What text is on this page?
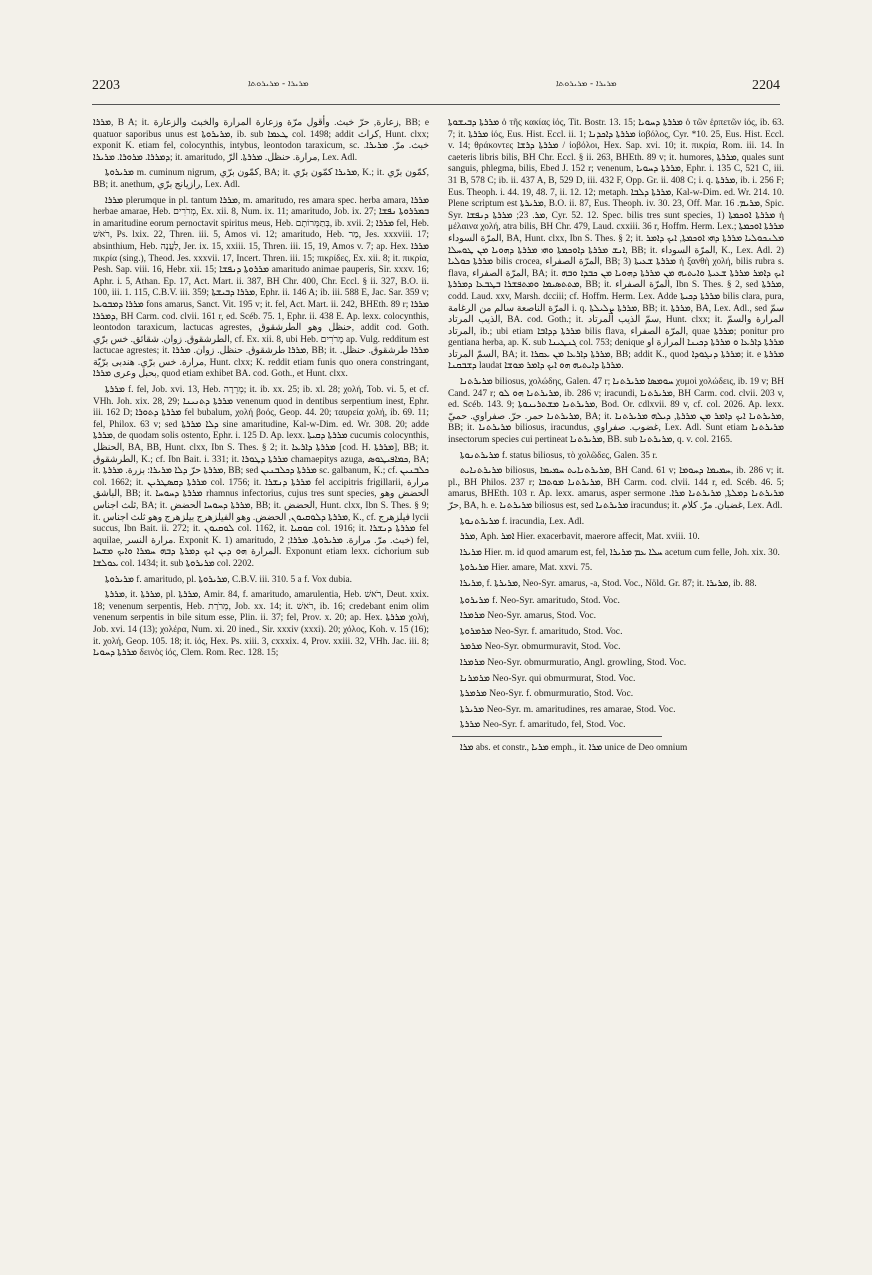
2203	ܡܪܝܪܐ - ܡܪܝܪܘܬܐ	ܡܪܝܪܐ - ܡܪܝܪܘܬܐ	2204

ܡܪܪܐ, B A; it. زعارة, حرّ خبث. وأقول مرّة وزعارة المرارة والخبث والزعارة, BB; e quatuor saporibus unus est ܡܪܝܪܘܬܐ, ib. sub ܛܥܡܐ col. 1498; addit كراث, Hunt. clxx; exponit K. etiam fel, colocynthis, intybus, leontodon taraxicum, sc. خبث. مرّ. ܡܪܝܪܐ. ܕܡܪܪܐ. ܡܪܘܪܐ. ܡܪܝܪܐ; it. amaritudo, مرارة. حنظل. ܡܪܪܬܐ. الرّ, Lex. Adl.

ܡܪܝܪܘܬܐ m. cuminum nigrum, كمّون برّي, BA; it. ܡܪܝܪܐ كمّون برّي, K.; it. كمّون برّي, BB; it. anethum, رازيانج برّي, Lex. Adl.

ܡܪܪܐ plerumque in pl. tantum ܡܪܪܐ, m. amaritudo, res amara spec. herba amara, ܡܪܪܐ herbae amarae, Heb. מְרֹרִים, Ex. xii. 8, Num. ix. 11; amaritudo, Job. ix. 27; ܒܡܪܪܘܬܐ ܢܦܫܐ in amaritudine eorum pernoctavit spiritus meus, Heb. בְּתַמְּרוֹתָם, ib. xvii. 2; ܡܪܪܐ fel, Heb. רֹאשׁ, Ps. lxix. 22, Thren. iii. 5, Amos vi. 12; amaritudo, Heb. מַר, Jes. xxxviii. 17; absinthium, Heb. לַעֲנָה, Jer. ix. 15, xxiii. 15, Thren. iii. 15, 19, Amos v. 7; ap. Hex. ܡܪܪܐ πικρία (sing.), Theod. Jes. xxxvii. 17, Incert. Thren. iii. 15; πικρίδες, Ex. xii. 8; it. πικρία, Pesh. Sap. viii. 16, Hebr. xii. 15; ܡܪܪܘܬܐ ܕܢܦܫܐ amaritudo animae pauperis, Sir. xxxv. 16; Aphr. i. 5, Athan. Ep. 17, Act. Mart. ii. 387, BH Chr. 400, Chr. Eccl. § ii. 327, B.O. ii. 100, iii. 1. 115, C.B.V. iii. 359; ܡܪܪܐ ܕܒܝܫܬܐ, Ephr. ii. 146 A; ib. iii. 588 E, Jac. Sar. 359 v; ܡܪܪܐ ܕܡܒܘܥܐ fons amarus, Sanct. Vit. 195 v; it. fel, Act. Mart. ii. 242, BHEth. 89 r; ܡܪܪܐ ܕܡܪܪܐ, BH Carm. cod. clvii. 161 r, ed. Scéb. 75. 1, Ephr. ii. 438 E. Ap. lexx. colocynthis, leontodon taraxicum, lactucas agrestes, حنظل وهو الطرشقوق, addit cod. Goth. الطرشقوق. زوان. شقائق. خس برّي, cf. Ex. xii. 8, ubi Heb. מְרֹרִים ap. Vulg. redditum est lactucae agrestes; it. ܡܪܪܐ طرشقوق. حنظل. زوان. ܡܪܪܐ, BB; it. ܡܪܪܐ طرشقوق. حنظل. مرارة. خس برّي. هندبى برّيّة, Hunt. clxx; K. reddit etiam funis quo onera constringant, بحبل وعرى ܡܪܪܐ, quod etiam exhibet BA. cod. Goth., et Hunt. clxx.

ܡܪܪܬܐ f. fel, Job. xvi. 13, Heb. מְרֵרָה; it. ib. xx. 25; ib. xl. 28; χολή, Tob. vi. 5, et cf. VHh. Joh. xix. 28, 29; ܡܪܪܬܐ ܕܬܢܝܢܐ venenum quod in dentibus serpentium inest, Ephr. iii. 162 D; ܡܪܪܬܐ ܕܬܘܪܐ fel bubalum, χολή βοός, Geop. 44. 20; ταυρεία χολή, ib. 69. 11; fel, Philox. 63 v; sed ܕܠܐ ܡܪܪܬܐ sine amaritudine, Kal-w-Dim. ed. Wr. 308. 20; adde ܡܪܪܬܐ, de quodam solis ostento, Ephr. i. 125 D. Ap. lexx. ܡܪܪܬܐ ܕܩܝܬܐ cucumis colocynthis, الحنظل, BA, BB, Hunt. clxx, Ibn S. Thes. § 2; it. ܡܪܪܬܐ ܕܐܪܥܐ [cod. H. ܡܪܪܬܐ], BB; it. الطرشقوق, K.; cf. Ibn Bait. i. 331; it. ܡܪܪܬܐ ܕܛܘܪܐ chamaepitys azuga, ܟܡܐܦܝܛܘܣ, BA; it. ܡܪܪܬܐ حرّ ܕܠܐ ܡܪܝܪܐ: بزرة. ܡܪܪܬܐ, BB; sed ܡܪܪܬܐ ܕܟܠܒܢܝܢ sc. galbanum, K.; cf. ܟܠܒܢܝܢ col. 1662; it. ܡܪܪܬܐ ܕܩܣܛܪܝܢ col. 1756; it. ܡܪܪܬܐ ܕܢܫܪܐ fel accipitris frigillarii, مرارة الباشق, BB; it. ܡܪܪܬܐ ܕܚܘܚܐ rhamnus infectorius, cujus tres sunt species, الحضض وهو ثلث اجناس, BA; it. ܡܪܪܬܐ ܕܚܘܚܐ الحضض, BB; it. الحضض, Hunt. clxx, Ibn S. Thes. § 9; it. ܡܪܪܬܐ ܕܠܘܩܝܘܢ, الحضض. وهو الفيلزهرج بيلزهرج وهو ثلث اجناس, K., cf. فيلزهرج lycii succus, Ibn Bait. ii. 272; it. ܠܘܩܝܘܢ col. 1162, it. ܩܘܩܝܐ col. 1916; it. ܡܪܪܬܐ ܕܢܫܪܐ fel aquilae, مرارة النسر. Exponit K. 1) amaritudo, خبث. مرّ. مرارة. ܡܪܝܪܘܬܐ. ܡܪܪܐ; 2) fel, المرارة ܗܘ ܕܝܢ ܐܝܟ ܕܡܪܬܐ ܕܒܗ ܚܡܪܐ ܘܐܝܟ ܡܫܚܐ. Exponunt etiam lexx. cichorium sub ܥܘܠܫܐ col. 1434; it. sub ܡܪܝܪܘܬܐ col. 2202.

ܡܪܝܪܘܬܐ f. amaritudo, pl. ܡܪܝܪܘܬܐ, C.B.V. iii. 310. 5 a f. Vox dubia.

ܡܪܪܬܐ, it. ܡܪܪܬܐ, pl. ܡܪܪܬܐ, Amir. 84, f. amaritudo, amarulentia, Heb. רֹאשׁ, Deut. xxix. 18; venenum serpentis, Heb. מְרֹרַת, Job. xx. 14; it. רֹאשׁ, ib. 16; credebant enim olim venenum serpentis in bile situm esse, Plin. ii. 37; fel, Prov. x. 20; ap. Hex. ܡܪܪܬܐ χολή, Job. xvi. 14 (13); χολέρα, Num. xi. 20 ined., Sir. xxxiv (xxxi). 20; χόλος, Koh. v. 15 (16); it. χολή, Geop. 105. 18; it. ἰός, Hex. Ps. xiii. 3, cxxxix. 4, Prov. xxiii. 32, VHh. Jac. iii. 8; ܡܪܪܬܐ ܕܚܘܝܐ δεινὸς ἰός, Clem. Rom. Rec. 128. 15;

ܡܪܪܬܐ ܕܒܝܫܘܬܐ ὁ τῆς κακίας ἰός, Tit. Bostr. 13. 15; ܡܪܪܬܐ ܕܚܘܝܐ ὁ τῶν ἑρπετῶν ἰός, ib. 63. 7; it. ܡܪܪܬܐ ἰός, Eus. Hist. Eccl. ii. 1; ܡܪܪܬܐ ܕܐܟܕܢܐ ἰοβόλος, Cyr. *10. 25, Eus. Hist. Eccl. v. 14; θράκοντες ܡܪܪܬܐ ܕܪܫܐ / ἰοβόλοι, Hex. Sap. xvi. 10; it. πικρία, Rom. iii. 14. In caeteris libris bilis, BH Chr. Eccl. § ii. 263, BHEth. 89 v; it. humores, ܡܪܪܬܐ, quales sunt sanguis, phlegma, bilis, Ebed J. 152 r; venenum, ܡܪܪܬܐ ܕܚܘܝܐ, Ephr. i. 135 C, 521 C, iii. 31 B, 578 C; ib. ii. 437 A, B, 529 D, iii. 432 F, Opp. Gr. ii. 408 C; i. q. ܡܪܪܬܐ, ib. i. 256 F; Eus. Theoph. i. 44. 19, 48. 7, ii. 12. 12; metaph. ܡܪܪܬܐ ܕܠܒܐ, Kal-w-Dim. ed. Wr. 214. 10. Plene scriptum est ܡܪܝܪܬܐ, B.O. ii. 87, Eus. Theoph. iv. 30. 23, Off. Mar. ܡܪܝܡ. 16, Spic. Syr. ܡܪ. 23; ܡܪܪܬܐ ܕܢܦܫܐ, Cyr. 52. 12. Spec. bilis tres sunt species, 1) ܡܪܪܬܐ ܐܘܟܡܬܐ ἡ μέλαινα χολή, atra bilis, BH Chr. 479, Laud. cxxiii. 36 r, Hoffm. Herm. Lex.; ܡܪܪܬܐ ܐܘܟܡܬܐ المرّة السوداء, BA, Hunt. clxx, Ibn S. Thes. § 2; it. ܡܠܢܟܘܠܝܐ ܡܪܪܬܐ ܕܗܝ ܐܘܟܡܬܐ, ܐܝܟ ܕܐܡܪ ܐܢܫ ܡܪܪܬܐ ܕܐܘܟܡܬܐ ܘܗܝ ܡܪܪܬܐ ܕܗܘܝܐ ܡܢ ܛܘܚܠܐ, BB; it. المرّة السوداء, K., Lex. Adl. 2) ܡܪܪܬܐ ܟܘܠܝܐ bilis crocea, المرّة الصفراء, BB; 3) ܡܪܪܬܐ ܫܥܝܬܐ ἡ ξανθὴ χολή, bilis rubra s. flava, المرّة الصفراء, BA; it. ܐܝܟ ܕܐܡܪ ܡܪܪܬܐ ܫܥܝܬܐ ܘܐܝܬܝܗ ܡܢ ܡܪܪܬܐ ܕܗܘܝܐ ܡܢ ܟܒܕܐ ܘܒܗ ܡܬܬܣܝܡܐ ܘܡܬܦܫܪܐ ܒܛܒܥܐ ܕܡܪܪܬܐ, BB; it. المرّة الصفراء, Ibn S. Thes. § 2, sed ܡܪܪܬܐ, codd. Laud. xxv, Marsh. dcciii; cf. Hoffm. Herm. Lex. Adde ܡܪܪܬܐ ܕܟܝܬܐ bilis clara, pura, المرّة الناصعة سالم من الرغامة i. q. ܡܪܪܬܐ ܨܠܝܠܬܐ, BB; it. ܡܪܪܬܐ, BA, Lex. Adl., sed سمّ الذيب المرتاد, BA. cod. Goth.; it. سمّ الذيب المرتاد, Hunt. clxx; it. المرارة والسمّ المرتاد, ib.; ubi etiam ܡܪܪܬܐ ܕܕܐܒܐ bilis flava, المرّة الصفراء, quae ܡܪܪܬܐ; ponitur pro gentiana herba, ap. K. sub ܓܢܛܝܢܐ col. 753; denique ܡܪܪܬܐ ܕܐܪܥܐ ܘ ܡܪܪܬܐ ܕܟܝܢܐ المرارة او السمّ المرتاد, BA; it. ܡܪܪܬܐ ܕܐܪܥܐ ܡܢ ܥܩܪܐ, BB; addit K., quod ܡܪܪܬܐ ܕܢܓܘܕܐ; it. e ܡܪܪܬܐ ܕܫܒܩܢܐ laudat ܡܪܪܬܐ ܕܐܝܬܝܗ ܗܘ ܐܝܟ ܕܐܡܪ ܡܘܫܐ.

ܡܪܝܪܬܢܐ biliosus, χολώδης, Galen. 47 r; ܚܘܡܣܐ ܡܪܝܪܬܢܐ χυμοὶ χολώδεις, ib. 19 v; BH Cand. 247 r; ܡܪܝܪܬܢܐ ܗܘ ܠܘ, ib. 286 v; iracundi, ܡܪܝܪܬܢܐ, BH Carm. cod. clvii. 203 v, ed. Scéb. 143. 9; ܡܪܝܪܬܢܐ ܡܫܬܪܝܢܘܬܐ, Bod. Or. cdlxvii. 89 v, cf. col. 2026. Ap. lexx. ܡܪܝܪܬܢܐ حمر. حرّ. صفراوي. حميّ, BA; it. ܡܪܝܪܬܢܐ ܐܝܟ ܕܐܡܪ ܡܢ ܡܪܪܬܐ, ܕܝܠܗ ܡܪܝܪܬܢܐ, BB; it. ܡܪܝܪܬܢܐ biliosus, iracundus, غضوب. صفراوي, Lex. Adl. Sunt etiam ܡܪܝܪܬܢܐ insectorum species cui pertineat ܡܪܝܪܬܢܐ, BB. sub ܡܪܝܪܬܢܐ, q. v. col. 2165.

ܡܪܝܪܬܢܘܬܐ f. status biliosus, τὸ χολῶδες, Galen. 35 r.

ܡܪܝܪܬܢܐܝܬ biliosus, ܡܪܝܪܬܢܐܝܬ ܚܡܝܡܐ, BH Cand. 61 v; ܚܡܝܡܐ ܕܚܘܡܐ, ib. 286 v; it. pl., BH Philos. 237 r; ܡܪܝܪܬܢܐ ܡܘܬܒܐ, BH Carm. cod. clvii. 144 r, ed. Scéb. 46. 5; amarus, BHEth. 103 r. Ap. lexx. amarus, asper sermone ܡܪܝܪܬܢܐ ܕܡܠܬܐ, ܡܪܝܪܬܢܐ ܡܪܐ. حرّ, BA, h. e. ܡܪܝܪܬܢܐ biliosus est, sed ܡܪܝܪܬܢܐ iracundus; it. غضبان. مرّ. كلام, Lex. Adl.

ܡܪܝܪܬܢܘܬܐ f. iracundia, Lex. Adl.

ܡܪܪ, Aph. ܐܡܪ Hier. exacerbavit, maerore affecit, Mat. xviii. 10.

ܡܪܝܪܐ Hier. m. id quod amarum est, fel, ܚܠܐ ܥܡ ܡܪܝܪܐ acetum cum felle, Joh. xix. 30.

ܡܪܝܪܘܬܐ Hier. amare, Mat. xxvi. 75.

ܡܪܝܪܐ, f. ܡܪܝܪܬܐ, Neo-Syr. amarus, -a, Stod. Voc., Nöld. Gr. 87; it. ܡܪܝܪܐ, ib. 88.

ܡܪܝܪܘܬܐ f. Neo-Syr. amaritudo, Stod. Voc.

ܡܪܡܪܐ Neo-Syr. amarus, Stod. Voc.

ܡܪܡܪܘܬܐ Neo-Syr. f. amaritudo, Stod. Voc.

ܡܪܡܪ Neo-Syr. obmurmuravit, Stod. Voc.

ܡܪܡܪܐ Neo-Syr. obmurmuratio, Angl. growling, Stod. Voc.

ܡܪܡܪܢܐ Neo-Syr. qui obmurmurat, Stod. Voc.

ܡܪܡܪܬܐ Neo-Syr. f. obmurmuratio, Stod. Voc.

ܡܪܝܪܬܐ Neo-Syr. m. amaritudines, res amarae, Stod. Voc.

ܡܪܪܬܐ Neo-Syr. f. amaritudo, fel, Stod. Voc.

ܡܪܐ abs. et constr., ܡܪܝܐ emph., it. ܡܪܐ unice de Deo omnium
